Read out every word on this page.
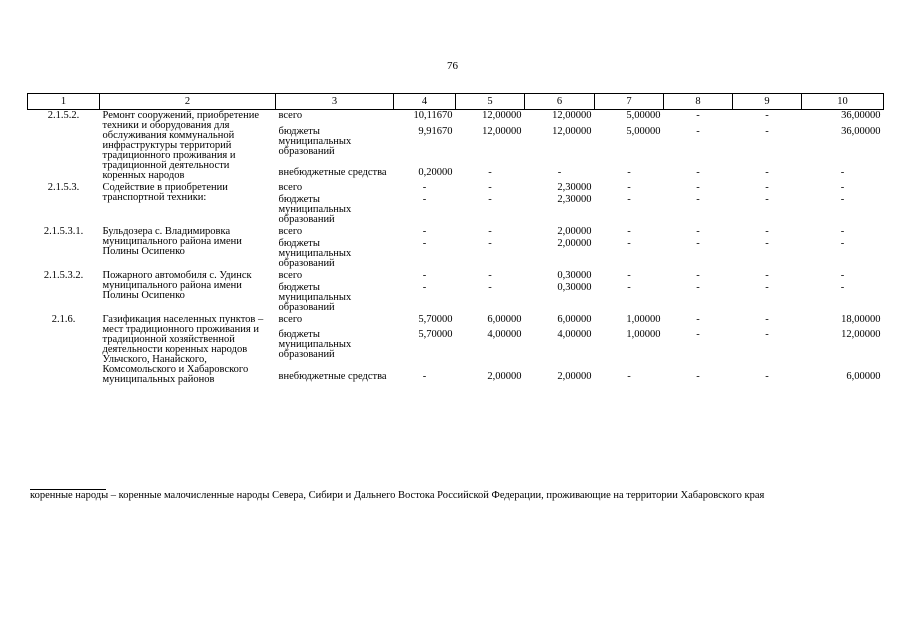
76
1	2	3	4	5	6	7	8	9	10
2.1.5.2.	Ремонт сооружений, приобретение техники и оборудования для обслуживания коммунальной инфраструктуры территорий традиционного проживания и традиционной деятельности коренных народов	всего	10,11670	12,00000	12,00000	5,00000	-	-	36,00000
		бюджеты муниципальных образований	9,91670	12,00000	12,00000	5,00000	-	-	36,00000
		внебюджетные средства	0,20000	-	-	-	-	-	-
2.1.5.3.	Содействие в приобретении транспортной техники:	всего	-	-	2,30000	-	-	-	-
		бюджеты муниципальных образований	-	-	2,30000	-	-	-	-
2.1.5.3.1.	Бульдозера с. Владимировка муниципального района имени Полины Осипенко	всего	-	-	2,00000	-	-	-	-
		бюджеты муниципальных образований	-	-	2,00000	-	-	-	-
2.1.5.3.2.	Пожарного автомобиля с. Удинск муниципального района имени Полины Осипенко	всего	-	-	0,30000	-	-	-	-
		бюджеты муниципальных образований	-	-	0,30000	-	-	-	-
2.1.6.	Газификация населенных пунктов – мест традиционного проживания и традиционной хозяйственной деятельности коренных народов Ульчского, Нанайского, Комсомольского и Хабаровского муниципальных районов	всего	5,70000	6,00000	6,00000	1,00000	-	-	18,00000
		бюджеты муниципальных образований	5,70000	4,00000	4,00000	1,00000	-	-	12,00000
		внебюджетные средства	-	2,00000	2,00000	-	-	-	6,00000
коренные народы – коренные малочисленные народы Севера, Сибири и Дальнего Востока Российской Федерации, проживающие на территории Хабаровского края
